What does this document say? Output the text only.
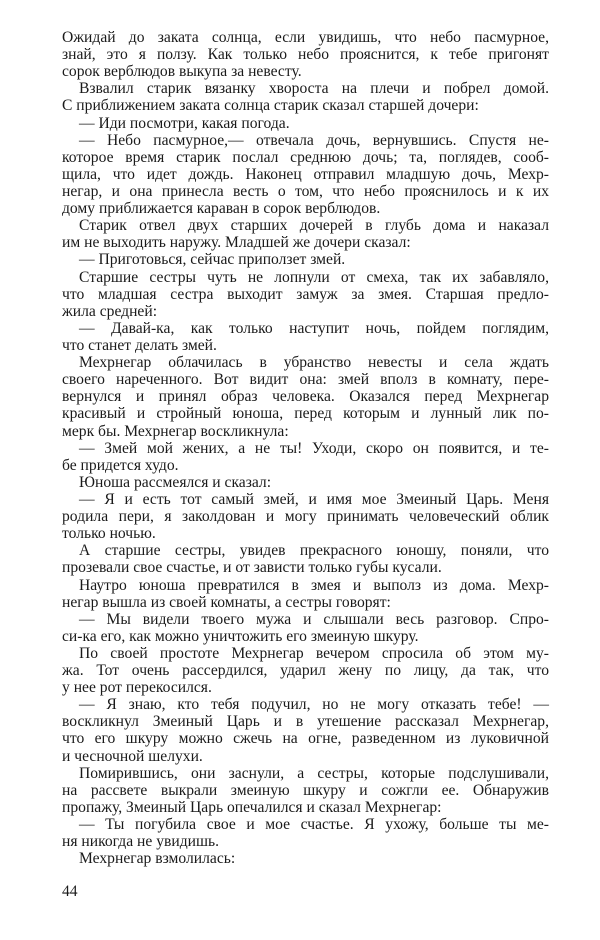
Ожидай до заката солнца, если увидишь, что небо пасмурное,
знай, это я ползу. Как только небо прояснится, к тебе пригонят
сорок верблюдов выкупа за невесту.
Взвалил старик вязанку хвороста на плечи и побрел домой.
С приближением заката солнца старик сказал старшей дочери:
— Иди посмотри, какая погода.
— Небо пасмурное,— отвечала дочь, вернувшись. Спустя не-
которое время старик послал среднюю дочь; та, поглядев, сооб-
щила, что идет дождь. Наконец отправил младшую дочь, Мехр-
негар, и она принесла весть о том, что небо прояснилось и к их
дому приближается караван в сорок верблюдов.
Старик отвел двух старших дочерей в глубь дома и наказал
им не выходить наружу. Младшей же дочери сказал:
— Приготовься, сейчас приползет змей.
Старшие сестры чуть не лопнули от смеха, так их забавляло,
что младшая сестра выходит замуж за змея. Старшая предло-
жила средней:
— Давай-ка, как только наступит ночь, пойдем поглядим,
что станет делать змей.
Мехрнегар облачилась в убранство невесты и села ждать
своего нареченного. Вот видит она: змей вполз в комнату, пере-
вернулся и принял образ человека. Оказался перед Мехрнегар
красивый и стройный юноша, перед которым и лунный лик по-
мерк бы. Мехрнегар воскликнула:
— Змей мой жених, а не ты! Уходи, скоро он появится, и те-
бе придется худо.
Юноша рассмеялся и сказал:
— Я и есть тот самый змей, и имя мое Змеиный Царь. Меня
родила пери, я заколдован и могу принимать человеческий облик
только ночью.
А старшие сестры, увидев прекрасного юношу, поняли, что
прозевали свое счастье, и от зависти только губы кусали.
Наутро юноша превратился в змея и выполз из дома. Мехр-
негар вышла из своей комнаты, а сестры говорят:
— Мы видели твоего мужа и слышали весь разговор. Спро-
си-ка его, как можно уничтожить его змеиную шкуру.
По своей простоте Мехрнегар вечером спросила об этом му-
жа. Тот очень рассердился, ударил жену по лицу, да так, что
у нее рот перекосился.
— Я знаю, кто тебя подучил, но не могу отказать тебе! —
воскликнул Змеиный Царь и в утешение рассказал Мехрнегар,
что его шкуру можно сжечь на огне, разведенном из луковичной
и чесночной шелухи.
Помирившись, они заснули, а сестры, которые подслушивали,
на рассвете выкрали змеиную шкуру и сожгли ее. Обнаружив
пропажу, Змеиный Царь опечалился и сказал Мехрнегар:
— Ты погубила свое и мое счастье. Я ухожу, больше ты ме-
ня никогда не увидишь.
Мехрнегар взмолилась:
44
